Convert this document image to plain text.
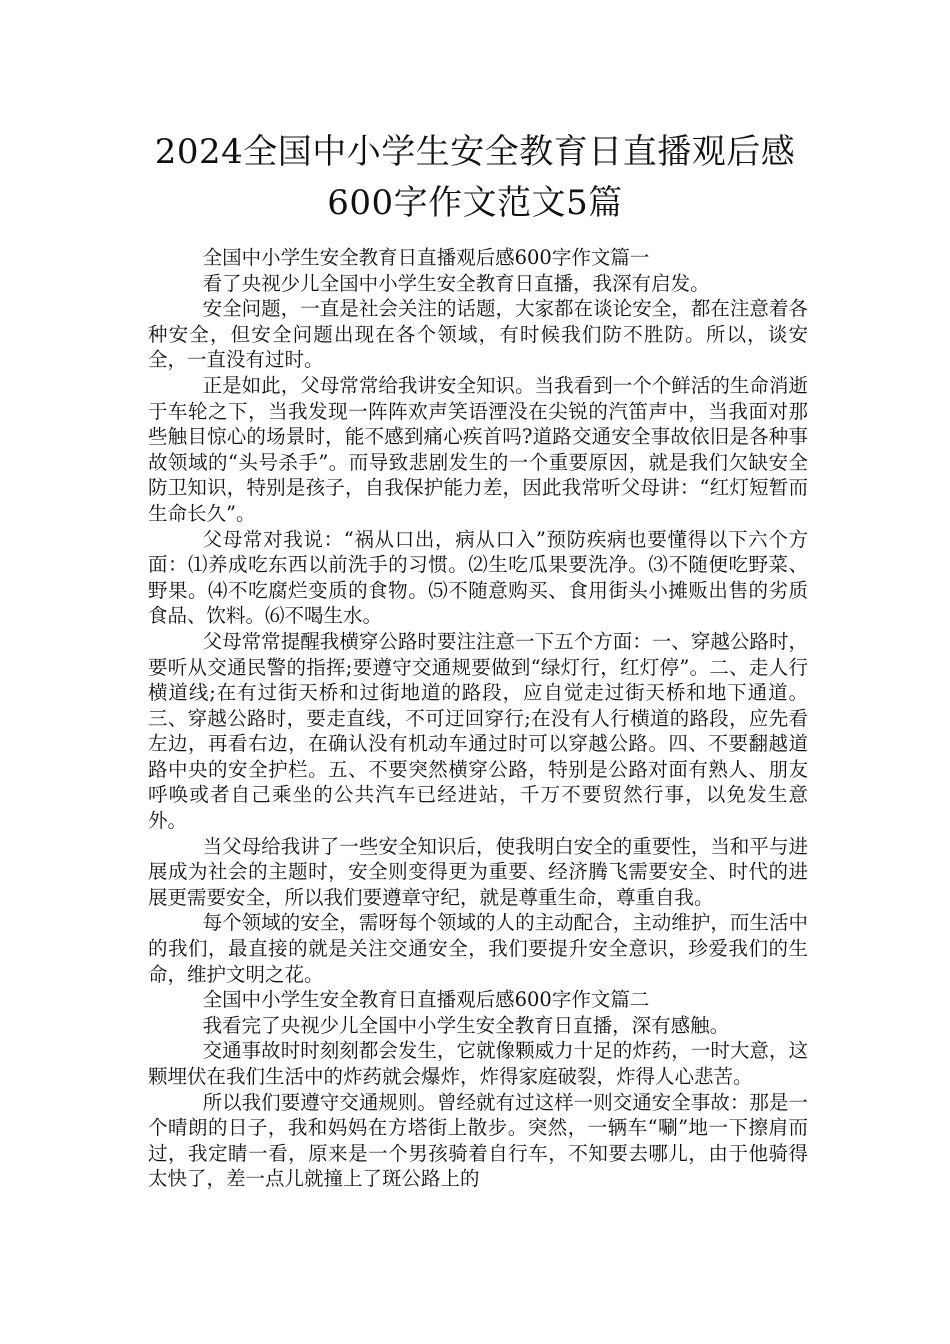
2024全国中小学生安全教育日直播观后感
600字作文范文5篇

全国中小学生安全教育日直播观后感600字作文篇一

看了央视少儿全国中小学生安全教育日直播，我深有启发。

安全问题，一直是社会关注的话题，大家都在谈论安全，都在注意着各种安全，但安全问题出现在各个领域，有时候我们防不胜防。所以，谈安全，一直没有过时。

正是如此，父母常常给我讲安全知识。当我看到一个个鲜活的生命消逝于车轮之下，当我发现一阵阵欢声笑语湮没在尖锐的汽笛声中，当我面对那些触目惊心的场景时，能不感到痛心疾首吗?道路交通安全事故依旧是各种事故领域的“头号杀手”。而导致悲剧发生的一个重要原因，就是我们欠缺安全防卫知识，特别是孩子，自我保护能力差，因此我常听父母讲：“红灯短暂而生命长久”。

父母常对我说：“祸从口出，病从口入”预防疾病也要懂得以下六个方面：⑴养成吃东西以前洗手的习惯。⑵生吃瓜果要洗净。⑶不随便吃野菜、野果。⑷不吃腐烂变质的食物。⑸不随意购买、食用街头小摊贩出售的劣质食品、饮料。⑹不喝生水。

父母常常提醒我横穿公路时要注注意一下五个方面：一、穿越公路时，要听从交通民警的指挥;要遵守交通规要做到“绿灯行，红灯停”。二、走人行横道线;在有过街天桥和过街地道的路段，应自觉走过街天桥和地下通道。三、穿越公路时，要走直线，不可迂回穿行;在没有人行横道的路段，应先看左边，再看右边，在确认没有机动车通过时可以穿越公路。四、不要翻越道路中央的安全护栏。五、不要突然横穿公路，特别是公路对面有熟人、朋友呼唤或者自己乘坐的公共汽车已经进站，千万不要贸然行事，以免发生意外。

当父母给我讲了一些安全知识后，使我明白安全的重要性，当和平与进展成为社会的主题时，安全则变得更为重要、经济腾飞需要安全、时代的进展更需要安全，所以我们要遵章守纪，就是尊重生命，尊重自我。

每个领域的安全，需呀每个领域的人的主动配合，主动维护，而生活中的我们，最直接的就是关注交通安全，我们要提升安全意识，珍爱我们的生命，维护文明之花。

全国中小学生安全教育日直播观后感600字作文篇二

我看完了央视少儿全国中小学生安全教育日直播，深有感触。

交通事故时时刻刻都会发生，它就像颗威力十足的炸药，一时大意，这颗埋伏在我们生活中的炸药就会爆炸，炸得家庭破裂，炸得人心悲苦。

所以我们要遵守交通规则。曾经就有过这样一则交通安全事故：那是一个晴朗的日子，我和妈妈在方塔街上散步。突然，一辆车“唰”地一下擦肩而过，我定睛一看，原来是一个男孩骑着自行车，不知要去哪儿，由于他骑得太快了，差一点儿就撞上了斑公路上的
